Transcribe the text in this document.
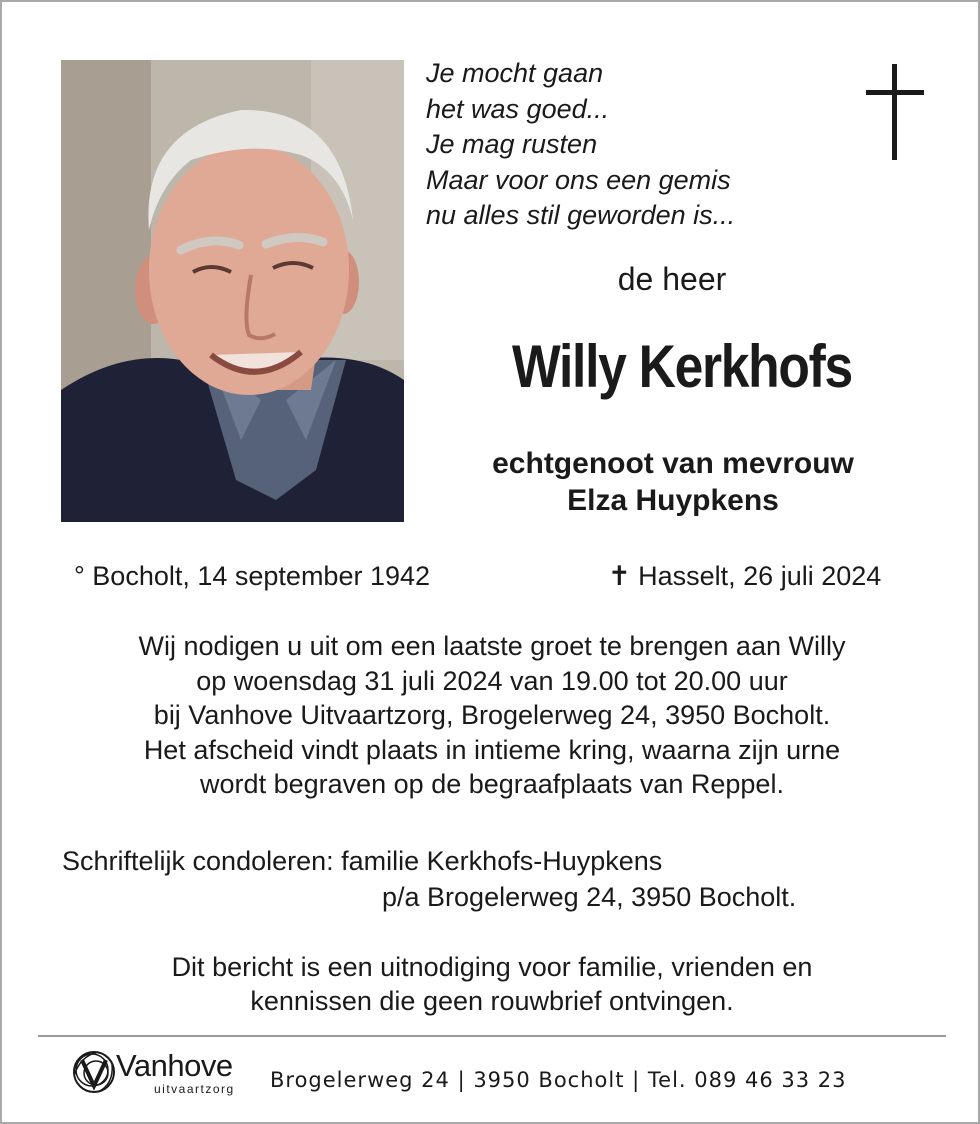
Je mocht gaan
het was goed...
Je mag rusten
Maar voor ons een gemis
nu alles stil geworden is...
de heer
Willy Kerkhofs
echtgenoot van mevrouw
Elza Huypkens
° Bocholt, 14 september 1942	✝ Hasselt, 26 juli 2024
Wij nodigen u uit om een laatste groet te brengen aan Willy
op woensdag 31 juli 2024 van 19.00 tot 20.00 uur
bij Vanhove Uitvaartzorg, Brogelerweg 24, 3950 Bocholt.
Het afscheid vindt plaats in intieme kring, waarna zijn urne
wordt begraven op de begraafplaats van Reppel.
Schriftelijk condoleren: familie Kerkhofs-Huypkens
p/a Brogelerweg 24, 3950 Bocholt.
Dit bericht is een uitnodiging voor familie, vrienden en
kennissen die geen rouwbrief ontvingen.
Vanhove
uitvaartzorg Brogelerweg 24 | 3950 Bocholt | Tel. 089 46 33 23
